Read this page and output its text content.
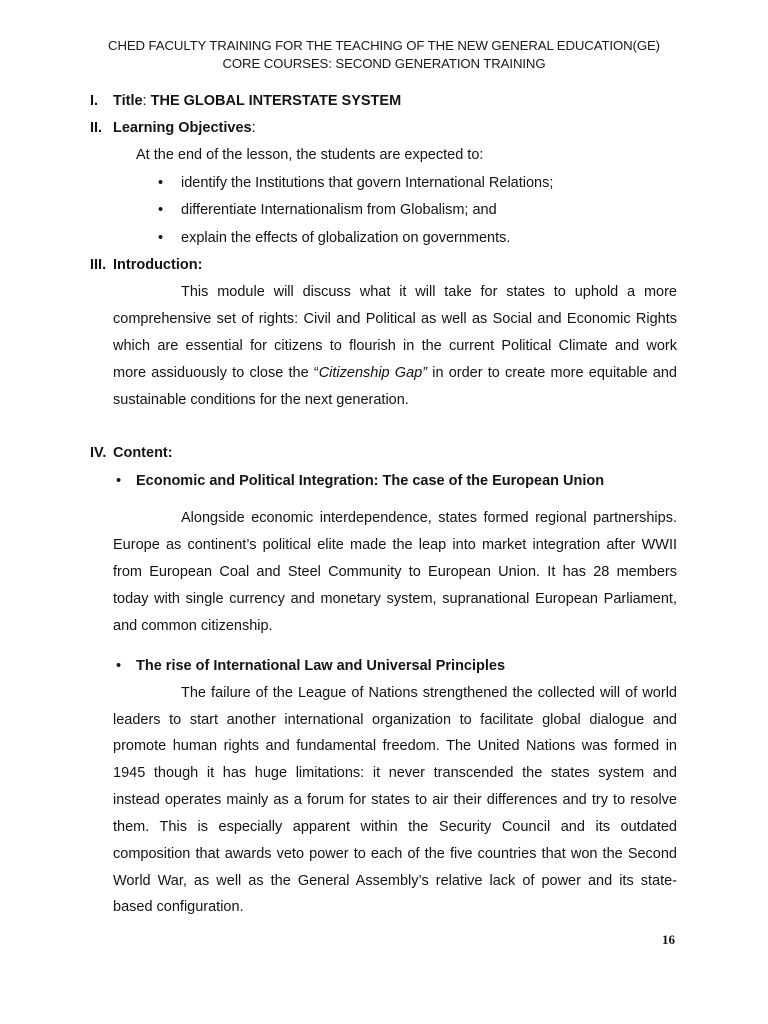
CHED FACULTY TRAINING FOR THE TEACHING OF THE NEW GENERAL EDUCATION(GE)
CORE COURSES: SECOND GENERATION TRAINING
I. Title: THE GLOBAL INTERSTATE SYSTEM
II. Learning Objectives:
At the end of the lesson, the students are expected to:
• identify the Institutions that govern International Relations;
• differentiate Internationalism from Globalism; and
• explain the effects of globalization on governments.
III. Introduction:
This module will discuss what it will take for states to uphold a more
comprehensive set of rights: Civil and Political as well as Social and Economic Rights
which are essential for citizens to flourish in the current Political Climate and work
more assiduously to close the “Citizenship Gap” in order to create more equitable and
sustainable conditions for the next generation.
IV. Content:
• Economic and Political Integration: The case of the European Union
Alongside economic interdependence, states formed regional partnerships.
Europe as continent’s political elite made the leap into market integration after WWII
from European Coal and Steel Community to European Union. It has 28 members
today with single currency and monetary system, supranational European Parliament,
and common citizenship.
• The rise of International Law and Universal Principles
The failure of the League of Nations strengthened the collected will of world
leaders to start another international organization to facilitate global dialogue and
promote human rights and fundamental freedom. The United Nations was formed in
1945 though it has huge limitations: it never transcended the states system and
instead operates mainly as a forum for states to air their differences and try to resolve
them. This is especially apparent within the Security Council and its outdated
composition that awards veto power to each of the five countries that won the Second
World War, as well as the General Assembly’s relative lack of power and its state-
based configuration.
16
